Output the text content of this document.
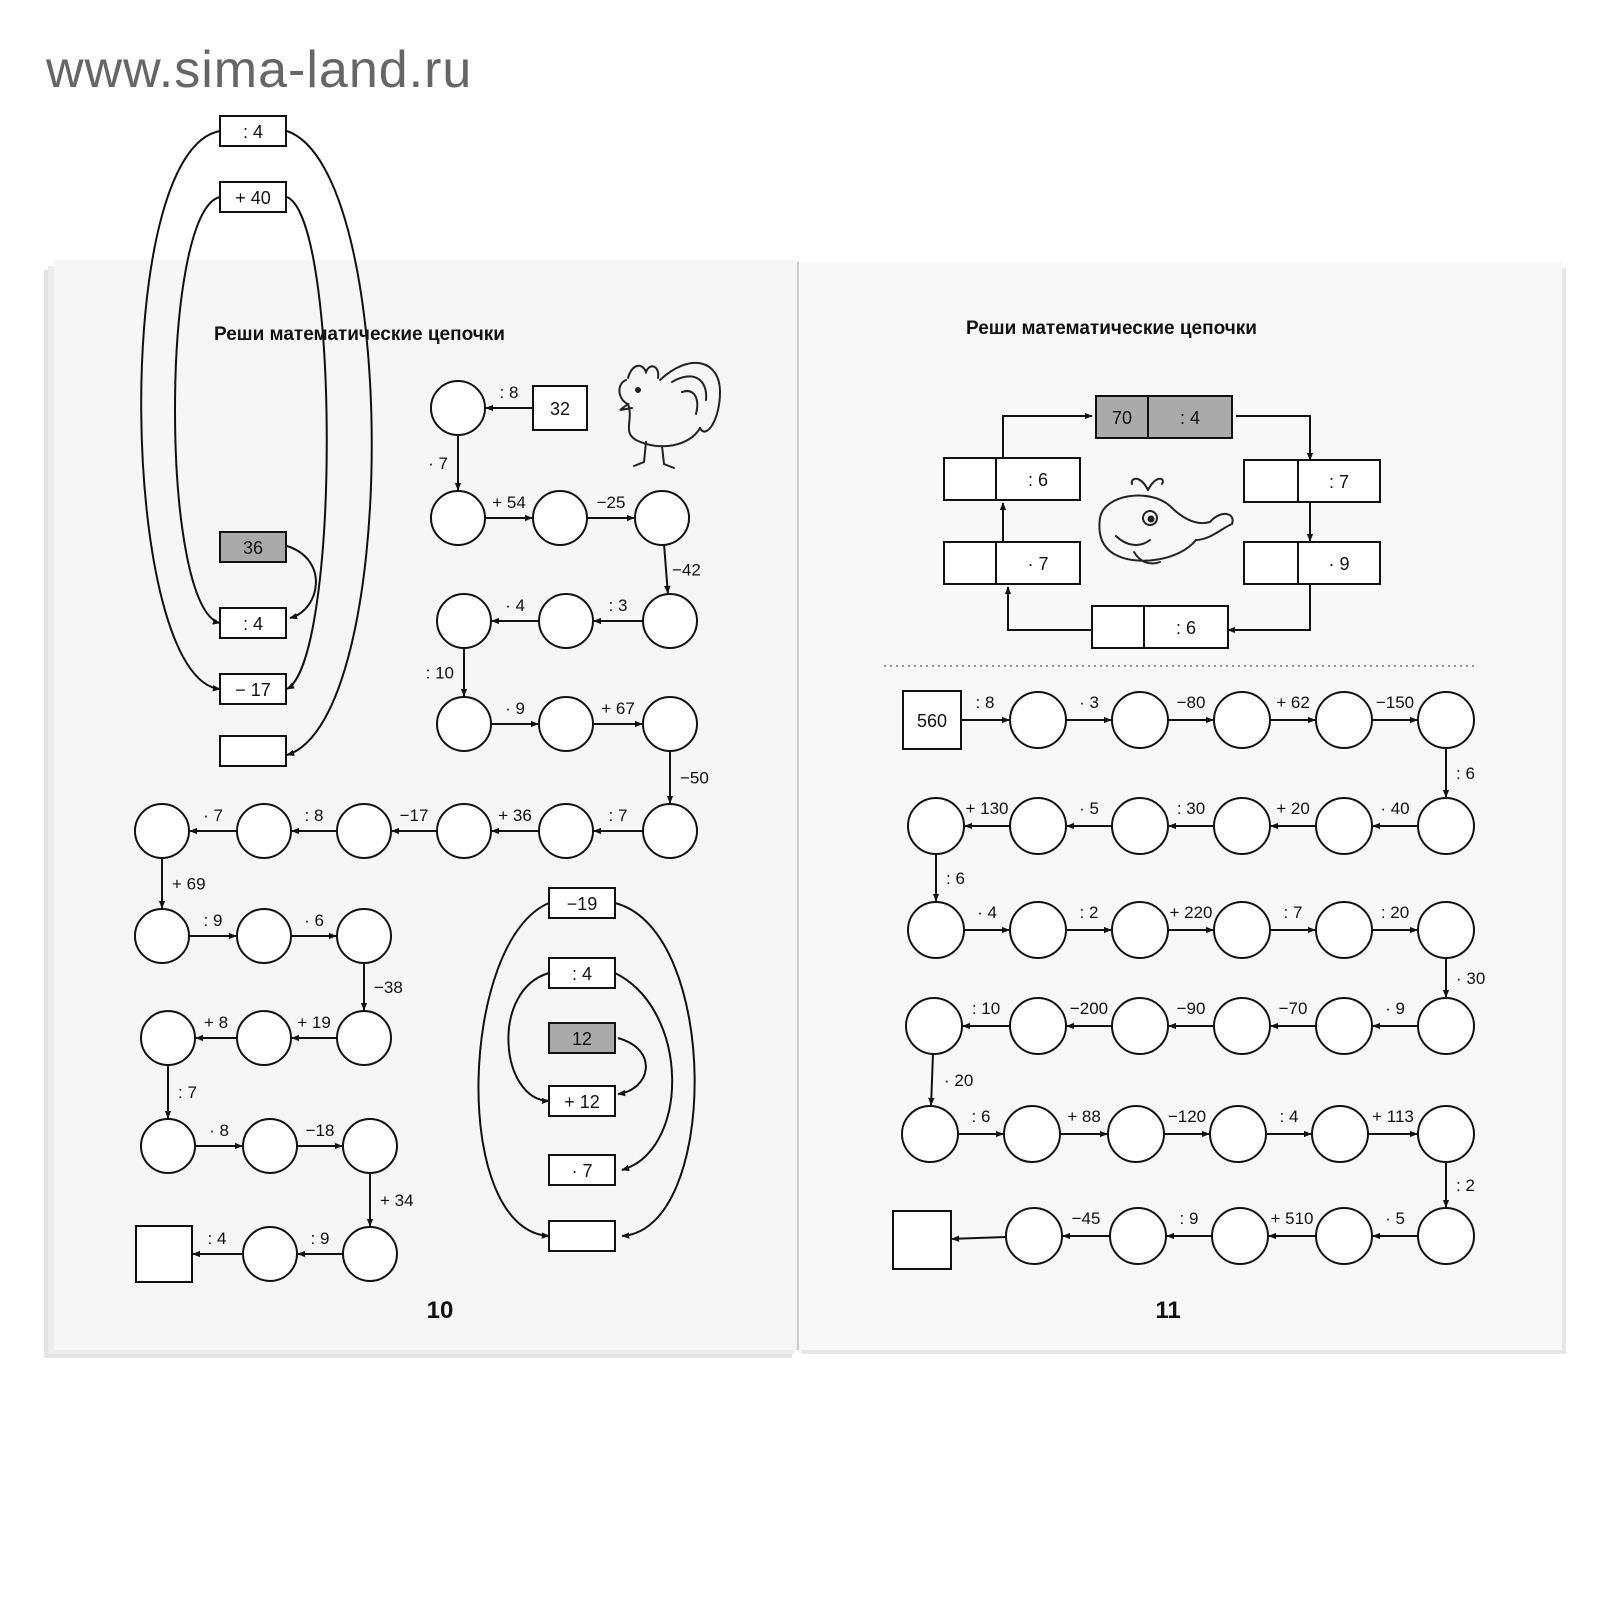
www.sima-land.ru
Реши математические цепочки	Реши математические цепочки
10	11
: 4
+ 40
36
: 4
− 17
−19
: 4
12
+ 12
· 7
70	: 4
: 7
· 9
: 6
· 7
: 6
: 8
· 7
+ 54	−25
−42
: 3
· 4
: 10
· 9	+ 67
−50
: 7
+ 36
−17
: 8
· 7
+ 69
: 9	· 6
−38
+ 19
+ 8
: 7
· 8	−18
+ 34
: 9
: 4
32
: 8	· 3	−80	+ 62	−150
: 6
· 40
+ 20
: 30
· 5
+ 130
: 6
· 4	: 2	+ 220	: 7	: 20
· 30
· 9
−70
−90
−200
: 10
· 20
: 6	+ 88	−120	: 4	+ 113
: 2
· 5
+ 510
: 9
−45
560
